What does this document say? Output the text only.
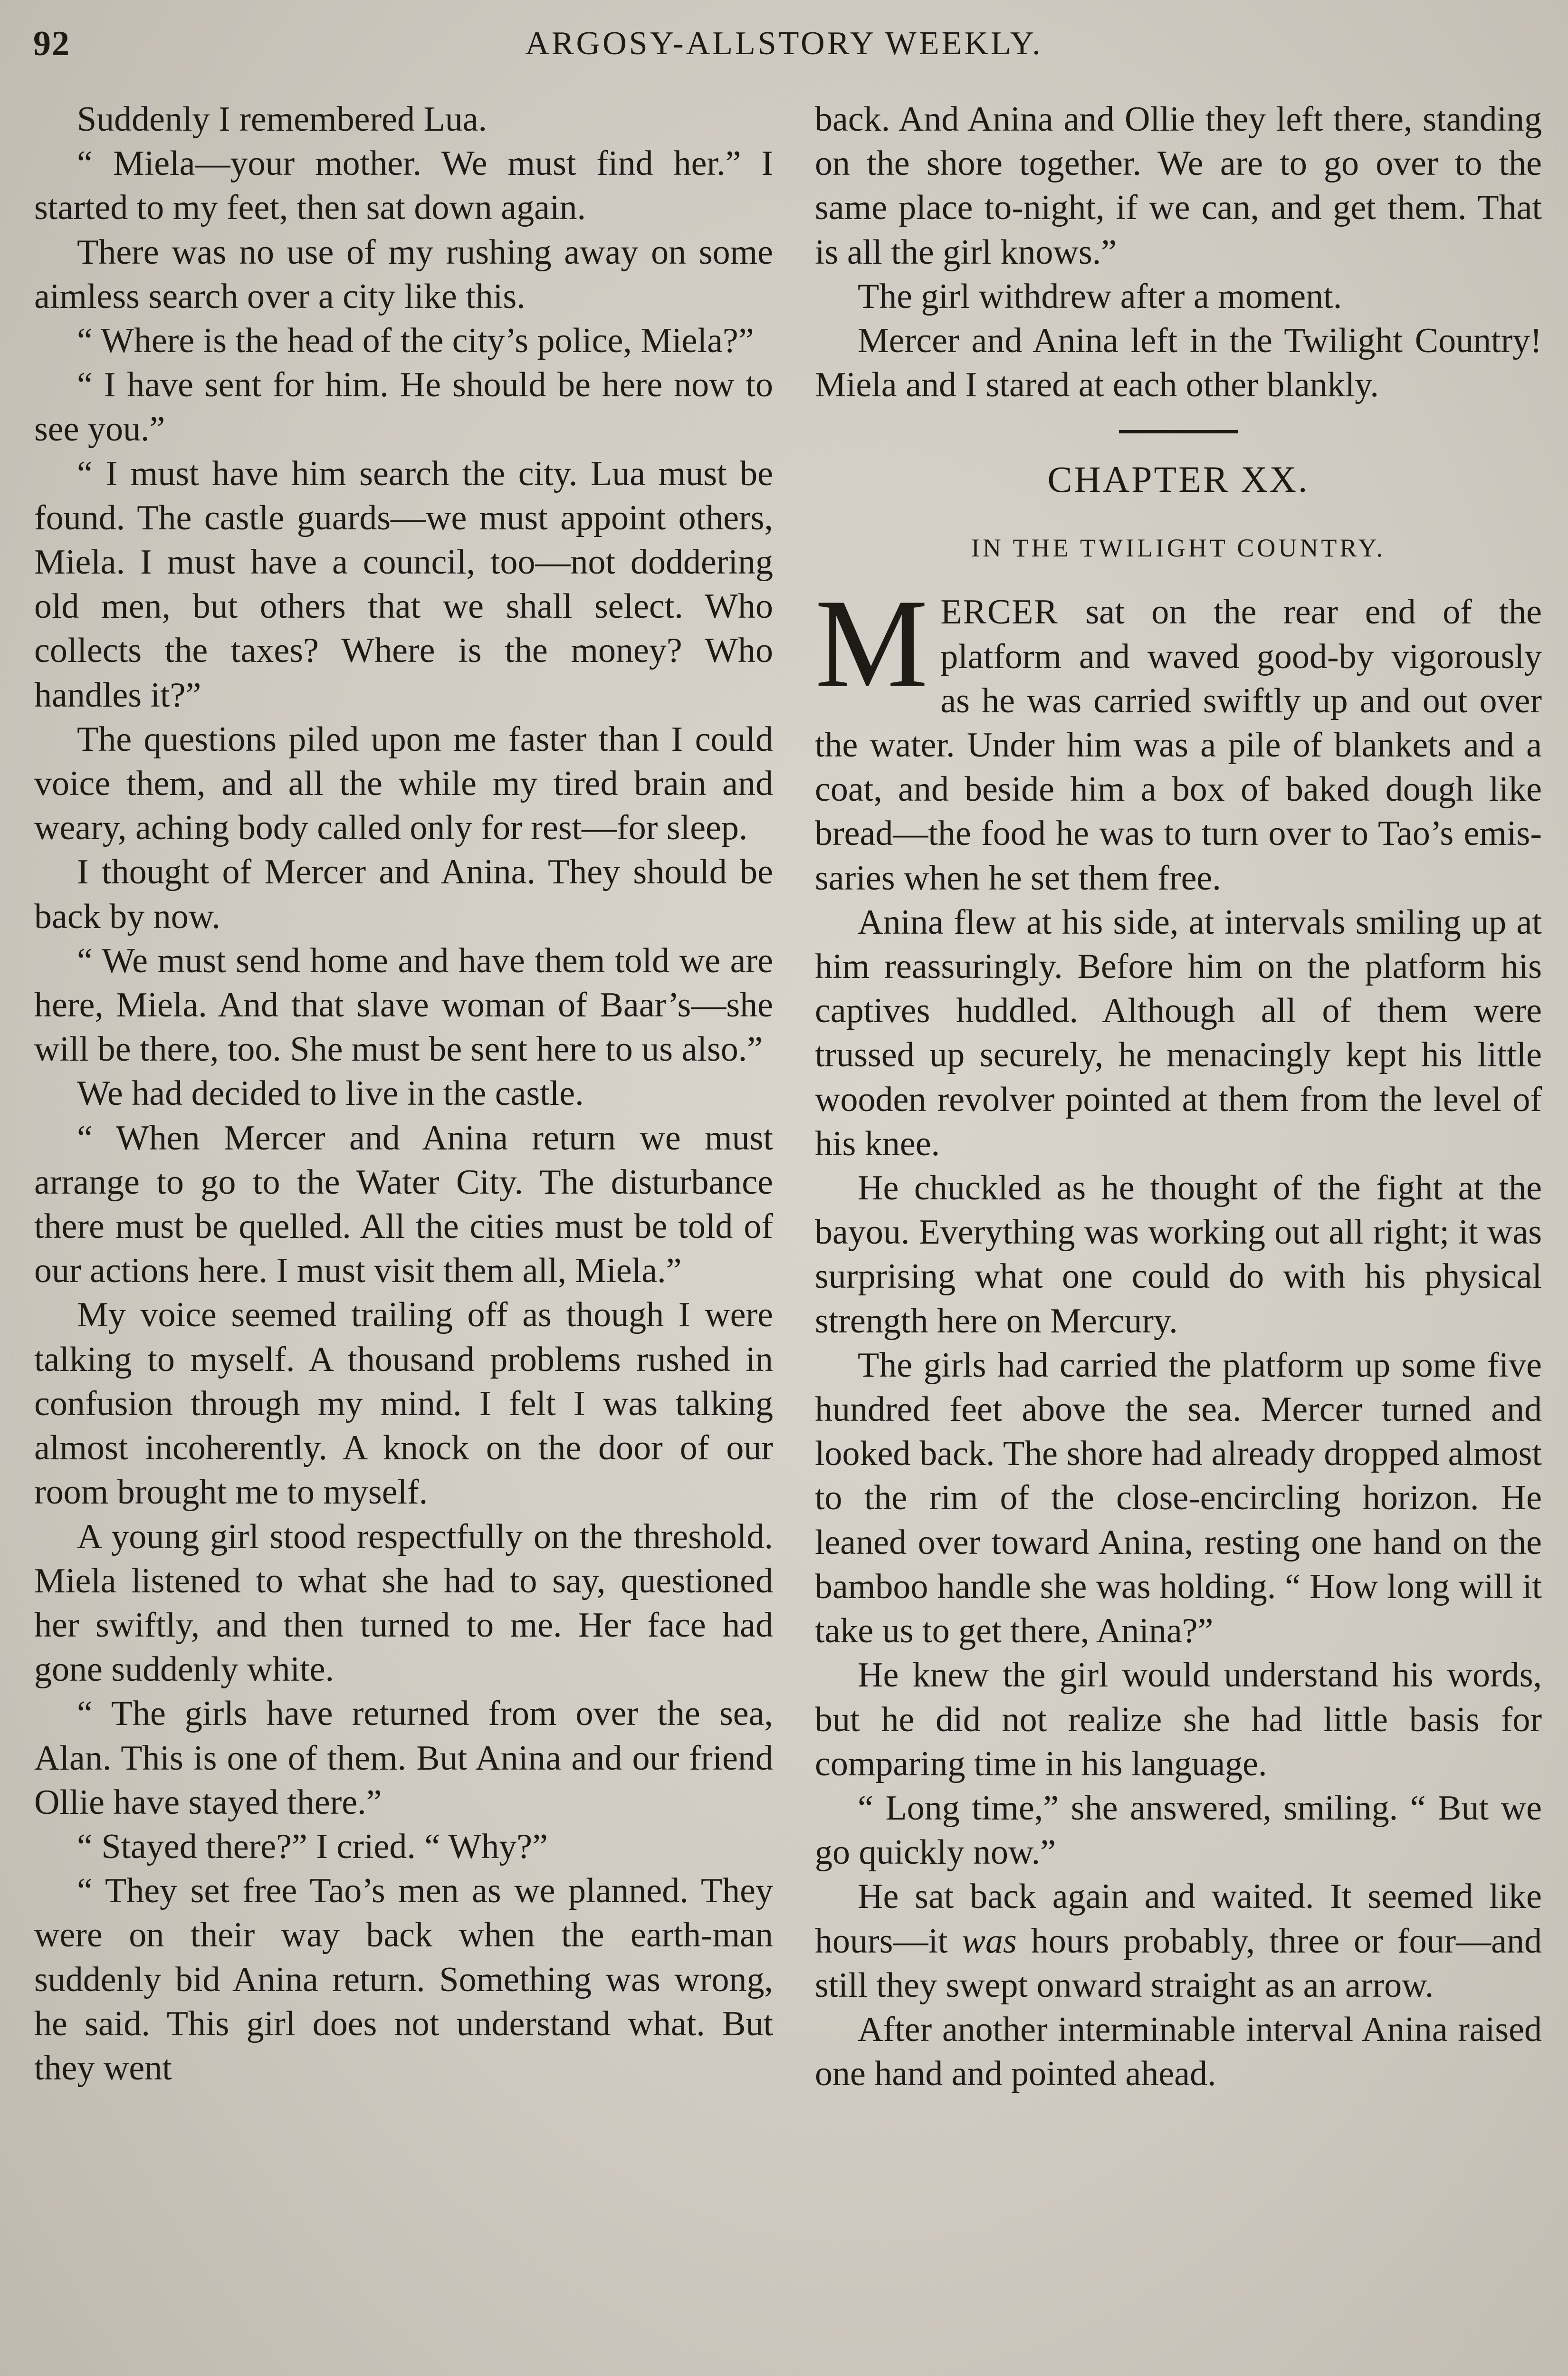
92	ARGOSY-ALLSTORY WEEKLY.

Suddenly I remembered Lua.

“ Miela—your mother. We must find her.” I started to my feet, then sat down again.

There was no use of my rushing away on some aimless search over a city like this.

“ Where is the head of the city’s police, Miela?”

“ I have sent for him. He should be here now to see you.”

“ I must have him search the city. Lua must be found. The castle guards—we must appoint others, Miela. I must have a council, too—not doddering old men, but others that we shall select. Who collects the taxes? Where is the money? Who handles it?”

The questions piled upon me faster than I could voice them, and all the while my tired brain and weary, aching body called only for rest—for sleep.

I thought of Mercer and Anina. They should be back by now.

“ We must send home and have them told we are here, Miela. And that slave woman of Baar’s—she will be there, too. She must be sent here to us also.”

We had decided to live in the castle.

“ When Mercer and Anina return we must arrange to go to the Water City. The disturbance there must be quelled. All the cities must be told of our actions here. I must visit them all, Miela.”

My voice seemed trailing off as though I were talking to myself. A thousand problems rushed in confusion through my mind. I felt I was talking almost incoherently. A knock on the door of our room brought me to myself.

A young girl stood respectfully on the threshold. Miela listened to what she had to say, questioned her swiftly, and then turned to me. Her face had gone suddenly white.

“ The girls have returned from over the sea, Alan. This is one of them. But Anina and our friend Ollie have stayed there.”

“ Stayed there?” I cried. “ Why?”

“ They set free Tao’s men as we planned. They were on their way back when the earth-man suddenly bid Anina return. Something was wrong, he said. This girl does not understand what. But they went

back. And Anina and Ollie they left there, standing on the shore together. We are to go over to the same place to-night, if we can, and get them. That is all the girl knows.”

The girl withdrew after a moment.

Mercer and Anina left in the Twilight Country! Miela and I stared at each other blankly.

CHAPTER XX.
IN THE TWILIGHT COUNTRY.

MERCER sat on the rear end of the platform and waved good-by vigorously as he was carried swiftly up and out over the water. Under him was a pile of blankets and a coat, and beside him a box of baked dough like bread—the food he was to turn over to Tao’s emissaries when he set them free.

Anina flew at his side, at intervals smiling up at him reassuringly. Before him on the platform his captives huddled. Although all of them were trussed up securely, he menacingly kept his little wooden revolver pointed at them from the level of his knee.

He chuckled as he thought of the fight at the bayou. Everything was working out all right; it was surprising what one could do with his physical strength here on Mercury.

The girls had carried the platform up some five hundred feet above the sea. Mercer turned and looked back. The shore had already dropped almost to the rim of the close-encircling horizon. He leaned over toward Anina, resting one hand on the bamboo handle she was holding. “ How long will it take us to get there, Anina?”

He knew the girl would understand his words, but he did not realize she had little basis for comparing time in his language.

“ Long time,” she answered, smiling. “ But we go quickly now.”

He sat back again and waited. It seemed like hours—it was hours probably, three or four—and still they swept onward straight as an arrow.

After another interminable interval Anina raised one hand and pointed ahead.
